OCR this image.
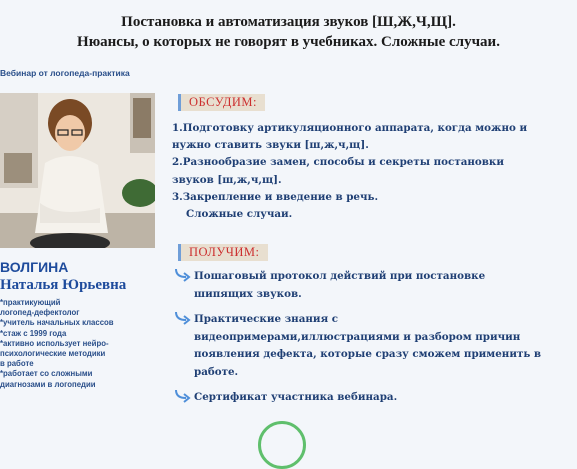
Постановка и автоматизация звуков [Ш,Ж,Ч,Щ].
Нюансы, о которых не говорят в учебниках. Сложные случаи.
Вебинар от логопеда-практика
ВОЛГИНА
Наталья Юрьевна
*практикующий
логопед-дефектолог
*учитель начальных классов
*стаж с 1999 года
*активно использует нейро-
психологические методики
в работе
*работает со сложными
диагнозами в логопедии
ОБСУДИМ:
1.Подготовку артикуляционного аппарата, когда можно и
нужно ставить звуки [ш,ж,ч,щ].
2.Разнообразие замен, способы и секреты постановки
звуков [ш,ж,ч,щ].
3.Закрепление и введение в речь.
Сложные случаи.
ПОЛУЧИМ:
Пошаговый протокол действий при постановке
шипящих звуков.
Практические знания с
видеопримерами,иллюстрациями и разбором причин
появления дефекта, которые сразу сможем применить в
работе.
Сертификат участника вебинара.
